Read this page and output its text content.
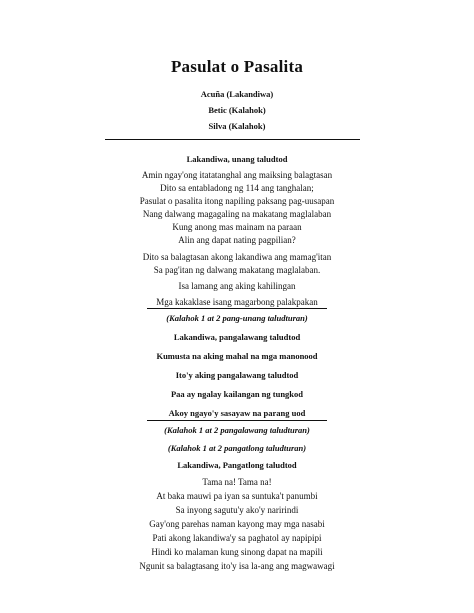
Pasulat o Pasalita
Acuña (Lakandiwa)
Betic (Kalahok)
Silva (Kalahok)
Lakandiwa, unang taludtod
Amin ngay'ong itatatanghal ang maiksing balagtasan
Dito sa entabladong ng 114 ang tanghalan;
Pasulat o pasalita itong napiling paksang pag-uusapan
Nang dalwang magagaling na makatang maglalaban
Kung anong mas mainam na paraan
Alin ang dapat nating pagpilian?
Dito sa balagtasan akong lakandiwa ang mamag'itan
Sa pag'itan ng dalwang makatang maglalaban.
Isa lamang ang aking kahilingan
Mga kakaklase isang magarbong palakpakan
(Kalahok 1 at 2 pang-unang taludturan)
Lakandiwa, pangalawang taludtod
Kumusta na aking mahal na mga manonood
Ito'y aking pangalawang taludtod
Paa ay ngalay kailangan ng tungkod
Akoy ngayo'y sasayaw na parang uod
(Kalahok 1 at 2 pangalawang taludturan)
(Kalahok 1 at 2 pangatlong taludturan)
Lakandiwa, Pangatlong taludtod
Tama na! Tama na!
At baka mauwi pa iyan sa suntuka't panumbi
Sa inyong sagutu'y ako'y naririndi
Gay'ong parehas naman kayong may mga nasabi
Pati akong lakandiwa'y sa paghatol ay napipipi
Hindi ko malaman kung sinong dapat na mapili
Ngunit sa balagtasang ito'y isa la-ang ang magwawagi
